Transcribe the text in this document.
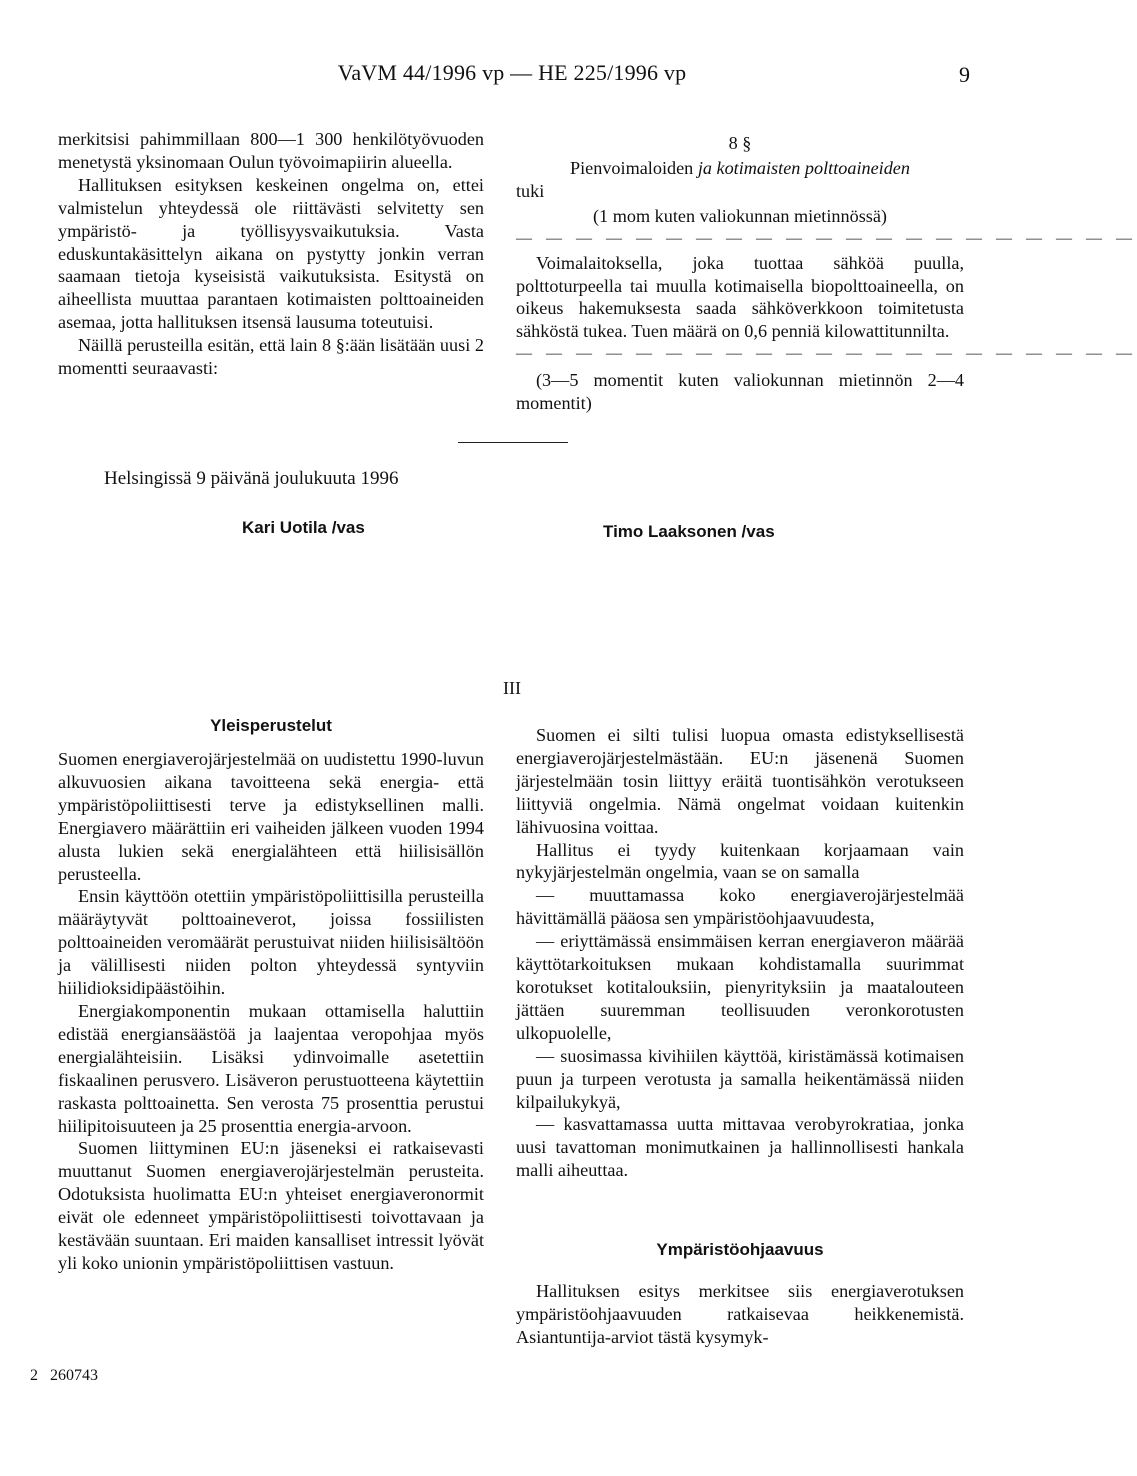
VaVM 44/1996 vp — HE 225/1996 vp	9

merkitsisi pahimmillaan 800—1 300 henkilötyövuoden menetystä yksinomaan Oulun työvoimapiirin alueella.

Hallituksen esityksen keskeinen ongelma on, ettei valmistelun yhteydessä ole riittävästi selvitetty sen ympäristö- ja työllisyysvaikutuksia. Vasta eduskuntakäsittelyn aikana on pystytty jonkin verran saamaan tietoja kyseisistä vaikutuksista. Esitystä on aiheellista muuttaa parantaen kotimaisten polttoaineiden asemaa, jotta hallituksen itsensä lausuma toteutuisi.

Näillä perusteilla esitän, että lain 8 §:ään lisätään uusi 2 momentti seuraavasti:

8 §

Pienvoimaloiden ja kotimaisten polttoaineiden

tuki

(1 mom kuten valiokunnan mietinnössä)

— — — — — — — — — — — — — — — — — — — — —

Voimalaitoksella, joka tuottaa sähköä puulla, polttoturpeella tai muulla kotimaisella biopolttoaineella, on oikeus hakemuksesta saada sähköverkkoon toimitetusta sähköstä tukea. Tuen määrä on 0,6 penniä kilowattitunnilta.

— — — — — — — — — — — — — — — — — — — — —

(3—5 momentit kuten valiokunnan mietinnön 2—4 momentit)

Helsingissä 9 päivänä joulukuuta 1996
Kari Uotila /vas	Timo Laaksonen /vas
III
Yleisperustelut

Suomen energiaverojärjestelmää on uudistettu 1990-luvun alkuvuosien aikana tavoitteena sekä energia- että ympäristöpoliittisesti terve ja edistyksellinen malli. Energiavero määrättiin eri vaiheiden jälkeen vuoden 1994 alusta lukien sekä energialähteen että hiilisisällön perusteella.

Ensin käyttöön otettiin ympäristöpoliittisilla perusteilla määräytyvät polttoaineverot, joissa fossiilisten polttoaineiden veromäärät perustuivat niiden hiilisisältöön ja välillisesti niiden polton yhteydessä syntyviin hiilidioksidipäästöihin.

Energiakomponentin mukaan ottamisella haluttiin edistää energiansäästöä ja laajentaa veropohjaa myös energialähteisiin. Lisäksi ydinvoimalle asetettiin fiskaalinen perusvero. Lisäveron perustuotteena käytettiin raskasta polttoainetta. Sen verosta 75 prosenttia perustui hiilipitoisuuteen ja 25 prosenttia energia-arvoon.

Suomen liittyminen EU:n jäseneksi ei ratkaisevasti muuttanut Suomen energiaverojärjestelmän perusteita. Odotuksista huolimatta EU:n yhteiset energiaveronormit eivät ole edenneet ympäristöpoliittisesti toivottavaan ja kestävään suuntaan. Eri maiden kansalliset intressit lyövät yli koko unionin ympäristöpoliittisen vastuun.

Suomen ei silti tulisi luopua omasta edistyksellisestä energiaverojärjestelmästään. EU:n jäsenenä Suomen järjestelmään tosin liittyy eräitä tuontisähkön verotukseen liittyviä ongelmia. Nämä ongelmat voidaan kuitenkin lähivuosina voittaa.

Hallitus ei tyydy kuitenkaan korjaamaan vain nykyjärjestelmän ongelmia, vaan se on samalla

— muuttamassa koko energiaverojärjestelmää hävittämällä pääosa sen ympäristöohjaavuudesta,

— eriyttämässä ensimmäisen kerran energiaveron määrää käyttötarkoituksen mukaan kohdistamalla suurimmat korotukset kotitalouksiin, pienyrityksiin ja maatalouteen jättäen suuremman teollisuuden veronkorotusten ulkopuolelle,

— suosimassa kivihiilen käyttöä, kiristämässä kotimaisen puun ja turpeen verotusta ja samalla heikentämässä niiden kilpailukykyä,

— kasvattamassa uutta mittavaa verobyrokratiaa, jonka uusi tavattoman monimutkainen ja hallinnollisesti hankala malli aiheuttaa.

Ympäristöohjaavuus

Hallituksen esitys merkitsee siis energiaverotuksen ympäristöohjaavuuden ratkaisevaa heikkenemistä. Asiantuntija-arviot tästä kysymyk-

2   260743
